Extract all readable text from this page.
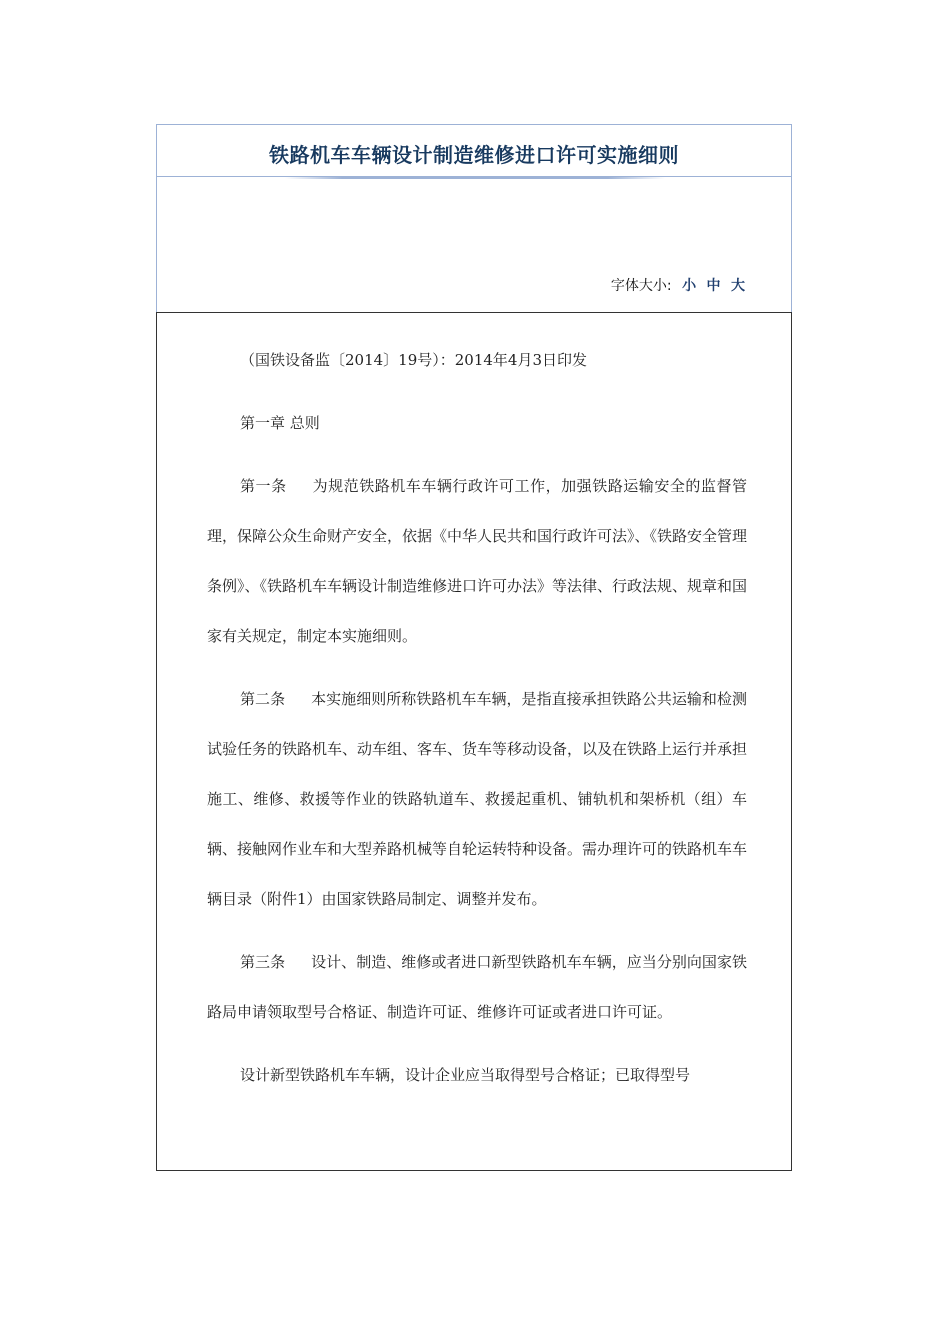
铁路机车车辆设计制造维修进口许可实施细则
字体大小: 小 中 大

（国铁设备监〔2014〕19号）：2014年4月3日印发

第一章 总则

第一条 为规范铁路机车车辆行政许可工作，加强铁路运输安全的监督管理，保障公众生命财产安全，依据《中华人民共和国行政许可法》、《铁路安全管理条例》、《铁路机车车辆设计制造维修进口许可办法》等法律、行政法规、规章和国家有关规定，制定本实施细则。

第二条 本实施细则所称铁路机车车辆，是指直接承担铁路公共运输和检测试验任务的铁路机车、动车组、客车、货车等移动设备，以及在铁路上运行并承担施工、维修、救援等作业的铁路轨道车、救援起重机、铺轨机和架桥机（组）车辆、接触网作业车和大型养路机械等自轮运转特种设备。需办理许可的铁路机车车辆目录（附件1）由国家铁路局制定、调整并发布。

第三条 设计、制造、维修或者进口新型铁路机车车辆，应当分别向国家铁路局申请领取型号合格证、制造许可证、维修许可证或者进口许可证。

设计新型铁路机车车辆，设计企业应当取得型号合格证；已取得型号
